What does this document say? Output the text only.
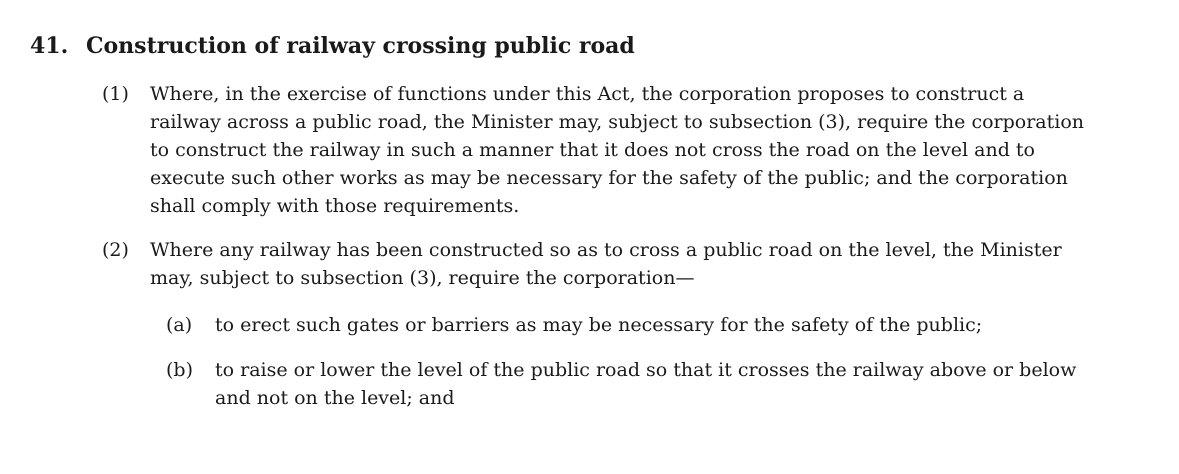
41. Construction of railway crossing public road
(1)	Where, in the exercise of functions under this Act, the corporation proposes to construct a railway across a public road, the Minister may, subject to subsection (3), require the corporation to construct the railway in such a manner that it does not cross the road on the level and to execute such other works as may be necessary for the safety of the public; and the corporation shall comply with those requirements.
(2)	Where any railway has been constructed so as to cross a public road on the level, the Minister may, subject to subsection (3), require the corporation—
(a)	to erect such gates or barriers as may be necessary for the safety of the public;
(b)	to raise or lower the level of the public road so that it crosses the railway above or below and not on the level; and
